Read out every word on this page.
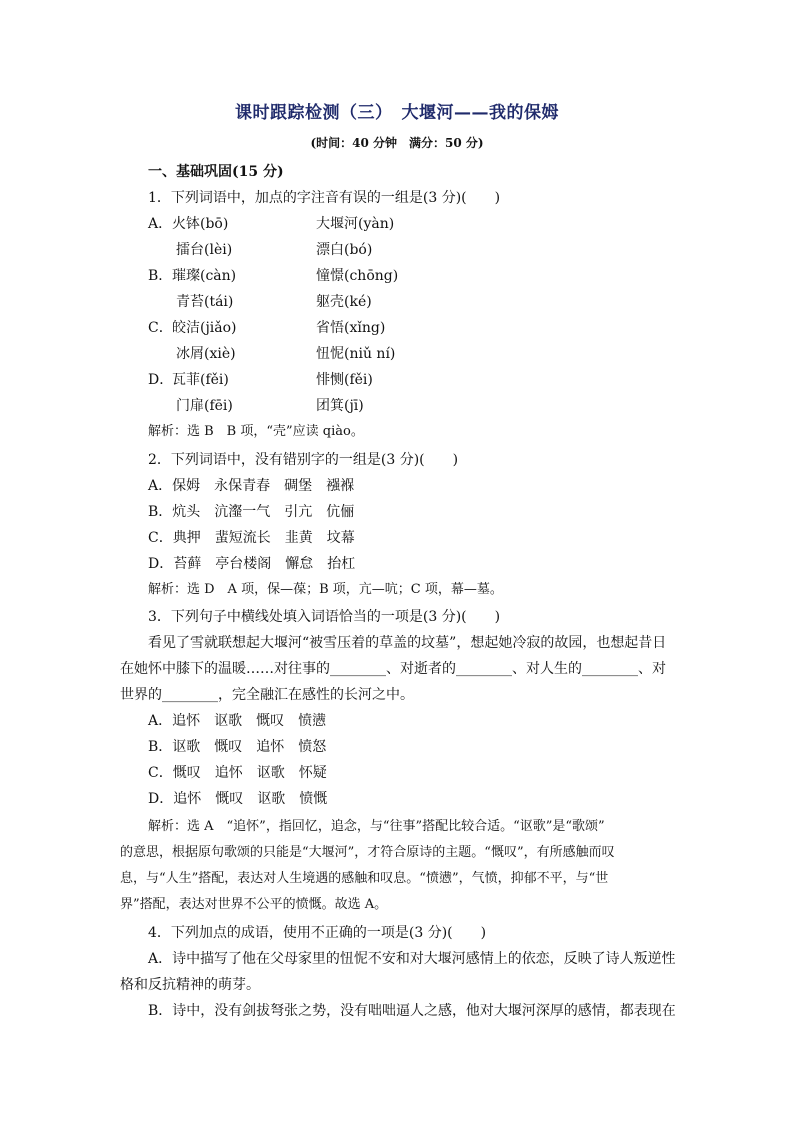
课时跟踪检测（三）　大堰河——我的保姆
(时间：40 分钟　满分：50 分)
一、基础巩固(15 分)
1．下列词语中，加点的字注音有误的一组是(3 分)(　　)
A． 火钵(bō)	大堰河(yàn)
擂台(lèi)	漂白(bó)
B． 璀璨(càn)	憧憬(chōng)
青苔(tái)	躯壳(ké)
C． 皎洁(jiǎo)	省悟(xǐng)
冰屑(xiè)	忸怩(niǔ ní)
D．
瓦菲(fěi)	悱恻(fěi)
门扉(fēi)	团箕(jī)
解析：选 B　B 项，“壳”应读 qiào。
2．下列词语中，没有错别字的一组是(3 分)(　　)
A．保姆　永保青春　碉堡　襁褓
B．炕头　沆瀣一气　引亢　伉俪
C．典押　蜚短流长　韭黄　坟幕
D．苔藓　亭台楼阁　懈怠　抬杠
解析：选 D　A 项，保—葆；B 项，亢—吭；C 项，幕—墓。
3．下列句子中横线处填入词语恰当的一项是(3 分)(　　)
看见了雪就联想起大堰河“被雪压着的草盖的坟墓”，想起她冷寂的故园，也想起昔日
在她怀中膝下的温暖……对往事的________、对逝者的________、对人生的________、对
世界的________，完全融汇在感性的长河之中。
A．追怀　讴歌　慨叹　愤懑
B．讴歌　慨叹　追怀　愤怒
C．慨叹　追怀　讴歌　怀疑
D．追怀　慨叹　讴歌　愤慨
解析：选 A　“追怀”，指回忆，追念，与“往事”搭配比较合适。“讴歌”是“歌颂”
的意思，根据原句歌颂的只能是“大堰河”，才符合原诗的主题。“慨叹”，有所感触而叹
息，与“人生”搭配，表达对人生境遇的感触和叹息。“愤懑”，气愤，抑郁不平，与“世
界”搭配，表达对世界不公平的愤慨。故选 A。
4．下列加点的成语，使用不正确的一项是(3 分)(　　)
A．诗中描写了他在父母家里的忸怩不安和对大堰河感情上的依恋，反映了诗人叛逆性
格和反抗精神的萌芽。
B．诗中，没有剑拔弩张之势，没有咄咄逼人之感，他对大堰河深厚的感情，都表现在
